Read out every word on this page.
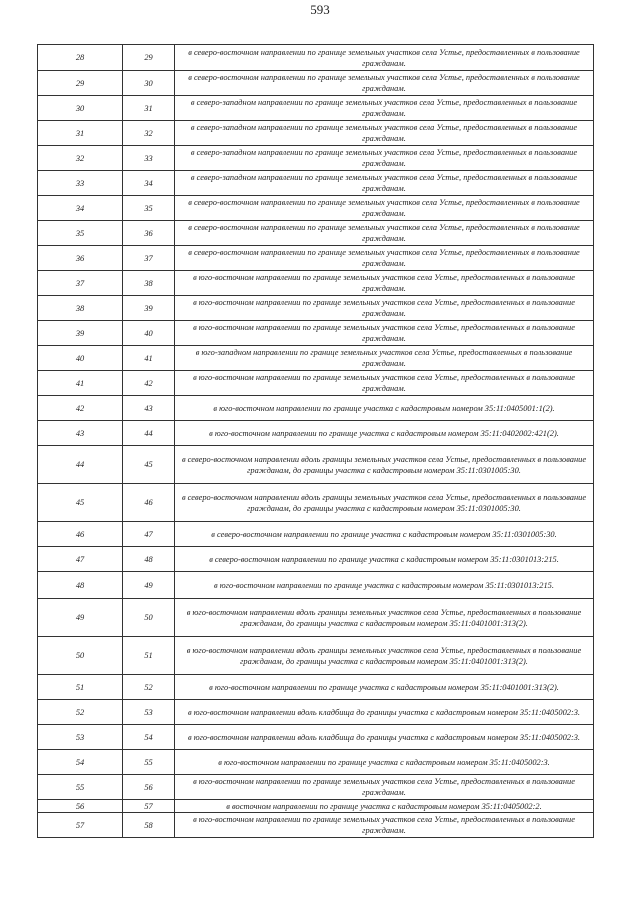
593
28	29	в северо-восточном направлении по границе земельных участков села Устье, предоставленных в пользование гражданам.
29	30	в северо-восточном направлении по границе земельных участков села Устье, предоставленных в пользование гражданам.
30	31	в северо-западном направлении по границе земельных участков села Устье, предоставленных в пользование гражданам.
31	32	в северо-западном направлении по границе земельных участков села Устье, предоставленных в пользование гражданам.
32	33	в северо-западном направлении по границе земельных участков села Устье, предоставленных в пользование гражданам.
33	34	в северо-западном направлении по границе земельных участков села Устье, предоставленных в пользование гражданам.
34	35	в северо-восточном направлении по границе земельных участков села Устье, предоставленных в пользование гражданам.
35	36	в северо-восточном направлении по границе земельных участков села Устье, предоставленных в пользование гражданам.
36	37	в северо-восточном направлении по границе земельных участков села Устье, предоставленных в пользование гражданам.
37	38	в юго-восточном направлении по границе земельных участков села Устье, предоставленных в пользование гражданам.
38	39	в юго-восточном направлении по границе земельных участков села Устье, предоставленных в пользование гражданам.
39	40	в юго-восточном направлении по границе земельных участков села Устье, предоставленных в пользование гражданам.
40	41	в юго-западном направлении по границе земельных участков села Устье, предоставленных в пользование гражданам.
41	42	в юго-восточном направлении по границе земельных участков села Устье, предоставленных в пользование гражданам.
42	43	в юго-восточном направлении по границе участка с кадастровым номером 35:11:0405001:1(2).
43	44	в юго-восточном направлении по границе участка с кадастровым номером 35:11:0402002:421(2).
44	45	в северо-восточном направлении вдоль границы земельных участков села Устье, предоставленных в пользование гражданам, до границы участка с кадастровым номером 35:11:0301005:30.
45	46	в северо-восточном направлении вдоль границы земельных участков села Устье, предоставленных в пользование гражданам, до границы участка с кадастровым номером 35:11:0301005:30.
46	47	в северо-восточном направлении по границе участка с кадастровым номером 35:11:0301005:30.
47	48	в северо-восточном направлении по границе участка с кадастровым номером 35:11:0301013:215.
48	49	в юго-восточном направлении по границе участка с кадастровым номером 35:11:0301013:215.
49	50	в юго-восточном направлении вдоль границы земельных участков села Устье, предоставленных в пользование гражданам, до границы участка с кадастровым номером 35:11:0401001:313(2).
50	51	в юго-восточном направлении вдоль границы земельных участков села Устье, предоставленных в пользование гражданам, до границы участка с кадастровым номером 35:11:0401001:313(2).
51	52	в юго-восточном направлении по границе участка с кадастровым номером 35:11:0401001:313(2).
52	53	в юго-восточном направлении вдоль кладбища до границы участка с кадастровым номером 35:11:0405002:3.
53	54	в юго-восточном направлении вдоль кладбища до границы участка с кадастровым номером 35:11:0405002:3.
54	55	в юго-восточном направлении по границе участка с кадастровым номером 35:11:0405002:3.
55	56	в юго-восточном направлении по границе земельных участков села Устье, предоставленных в пользование гражданам.
56	57	в восточном направлении по границе участка с кадастровым номером 35:11:0405002:2.
57	58	в юго-восточном направлении по границе земельных участков села Устье, предоставленных в пользование гражданам.
